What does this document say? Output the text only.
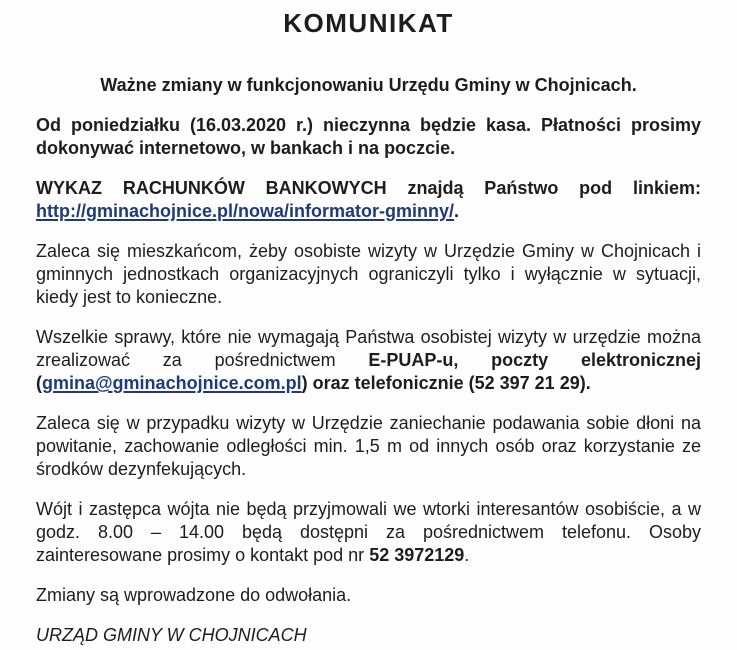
KOMUNIKAT

Ważne zmiany w funkcjonowaniu Urzędu Gminy w Chojnicach.

Od poniedziałku (16.03.2020 r.) nieczynna będzie kasa. Płatności prosimy dokonywać internetowo, w bankach i na poczcie.

WYKAZ RACHUNKÓW BANKOWYCH znajdą Państwo pod linkiem: http://gminachojnice.pl/nowa/informator-gminny/.

Zaleca się mieszkańcom, żeby osobiste wizyty w Urzędzie Gminy w Chojnicach i gminnych jednostkach organizacyjnych ograniczyli tylko i wyłącznie w sytuacji, kiedy jest to konieczne.

Wszelkie sprawy, które nie wymagają Państwa osobistej wizyty w urzędzie można zrealizować za pośrednictwem E-PUAP-u, poczty elektronicznej (gmina@gminachojnice.com.pl) oraz telefonicznie (52 397 21 29).

Zaleca się w przypadku wizyty w Urzędzie zaniechanie podawania sobie dłoni na powitanie, zachowanie odległości min. 1,5 m od innych osób oraz korzystanie ze środków dezynfekujących.

Wójt i zastępca wójta nie będą przyjmowali we wtorki interesantów osobiście, a w godz. 8.00 – 14.00 będą dostępni za pośrednictwem telefonu. Osoby zainteresowane prosimy o kontakt pod nr 52 3972129.

Zmiany są wprowadzone do odwołania.

URZĄD GMINY W CHOJNICACH
